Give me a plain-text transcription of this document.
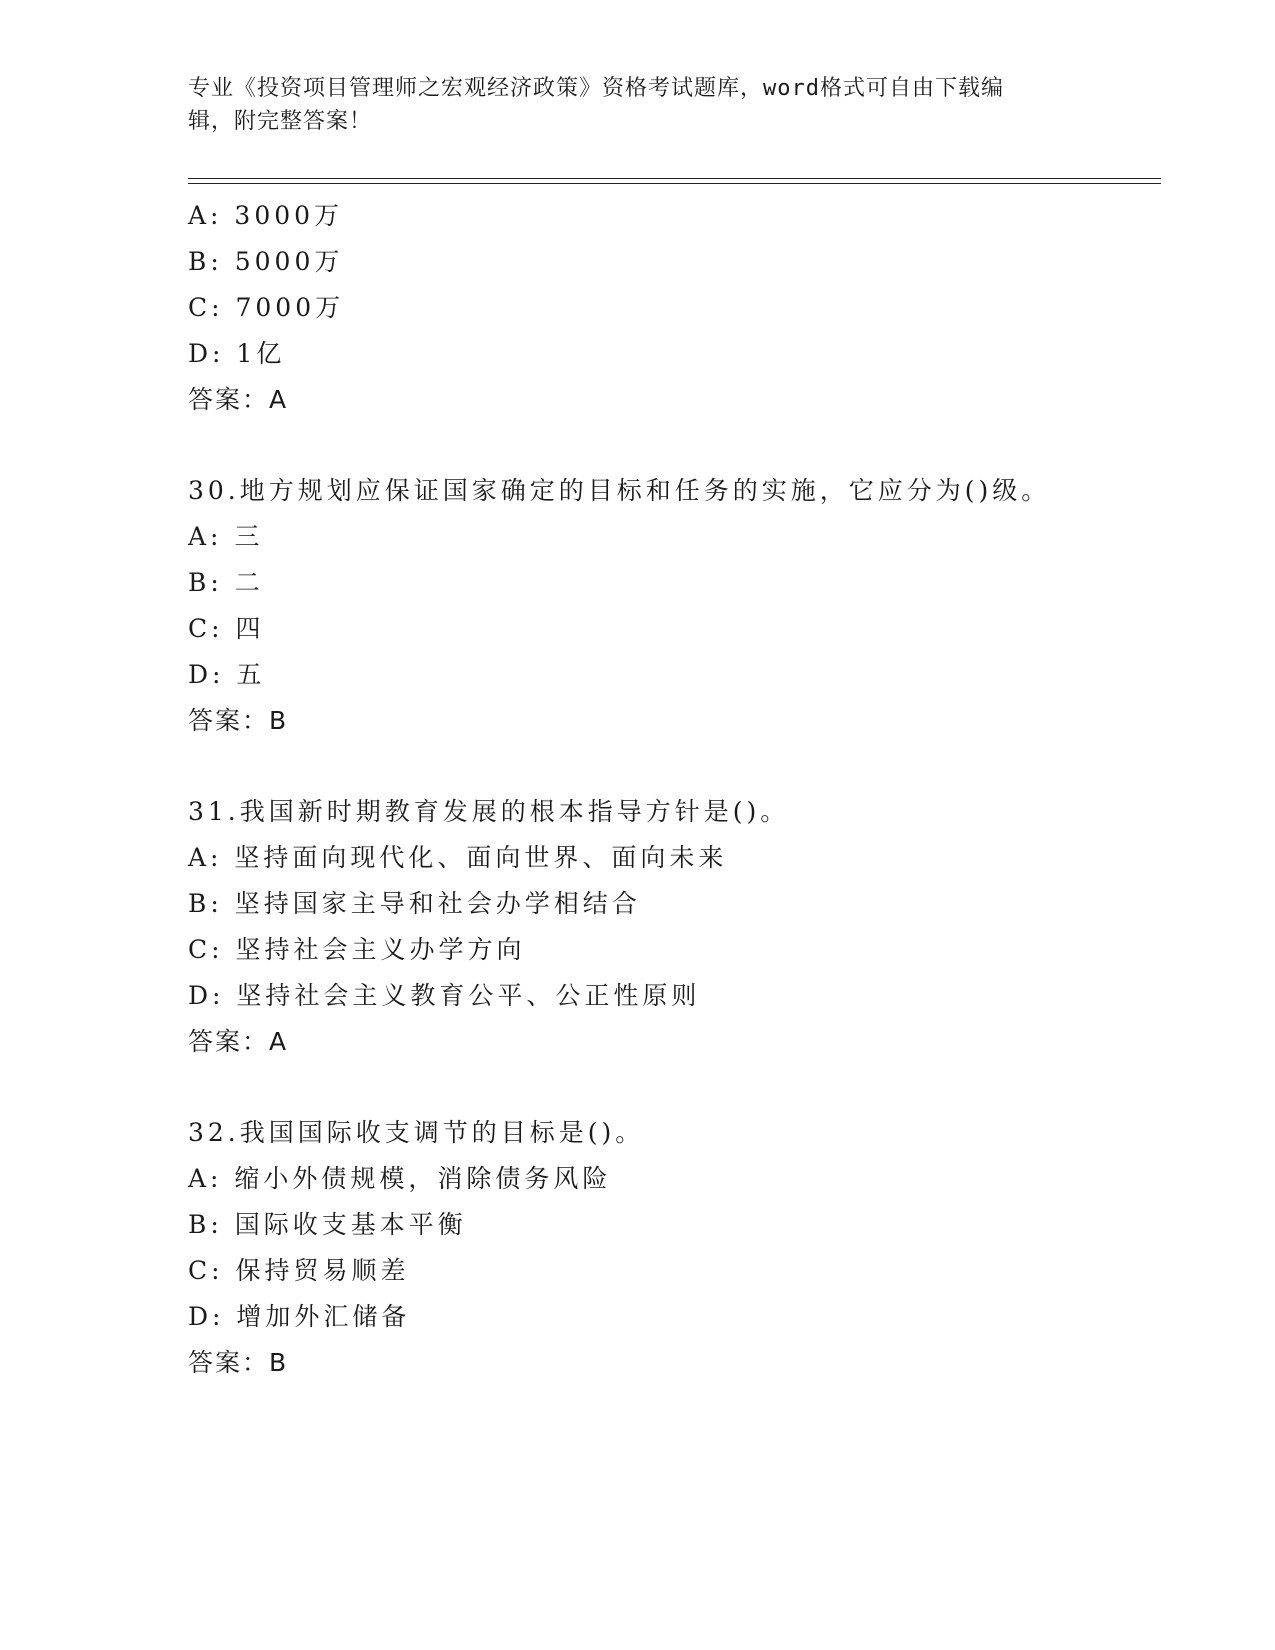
专业《投资项目管理师之宏观经济政策》资格考试题库，word格式可自由下载编
辑，附完整答案！
A: 3000万
B: 5000万
C: 7000万
D: 1亿
答案：A
30.地方规划应保证国家确定的目标和任务的实施，它应分为()级。
A: 三
B: 二
C: 四
D: 五
答案：B
31.我国新时期教育发展的根本指导方针是()。
A: 坚持面向现代化、面向世界、面向未来
B: 坚持国家主导和社会办学相结合
C: 坚持社会主义办学方向
D: 坚持社会主义教育公平、公正性原则
答案：A
32.我国国际收支调节的目标是()。
A: 缩小外债规模，消除债务风险
B: 国际收支基本平衡
C: 保持贸易顺差
D: 增加外汇储备
答案：B
